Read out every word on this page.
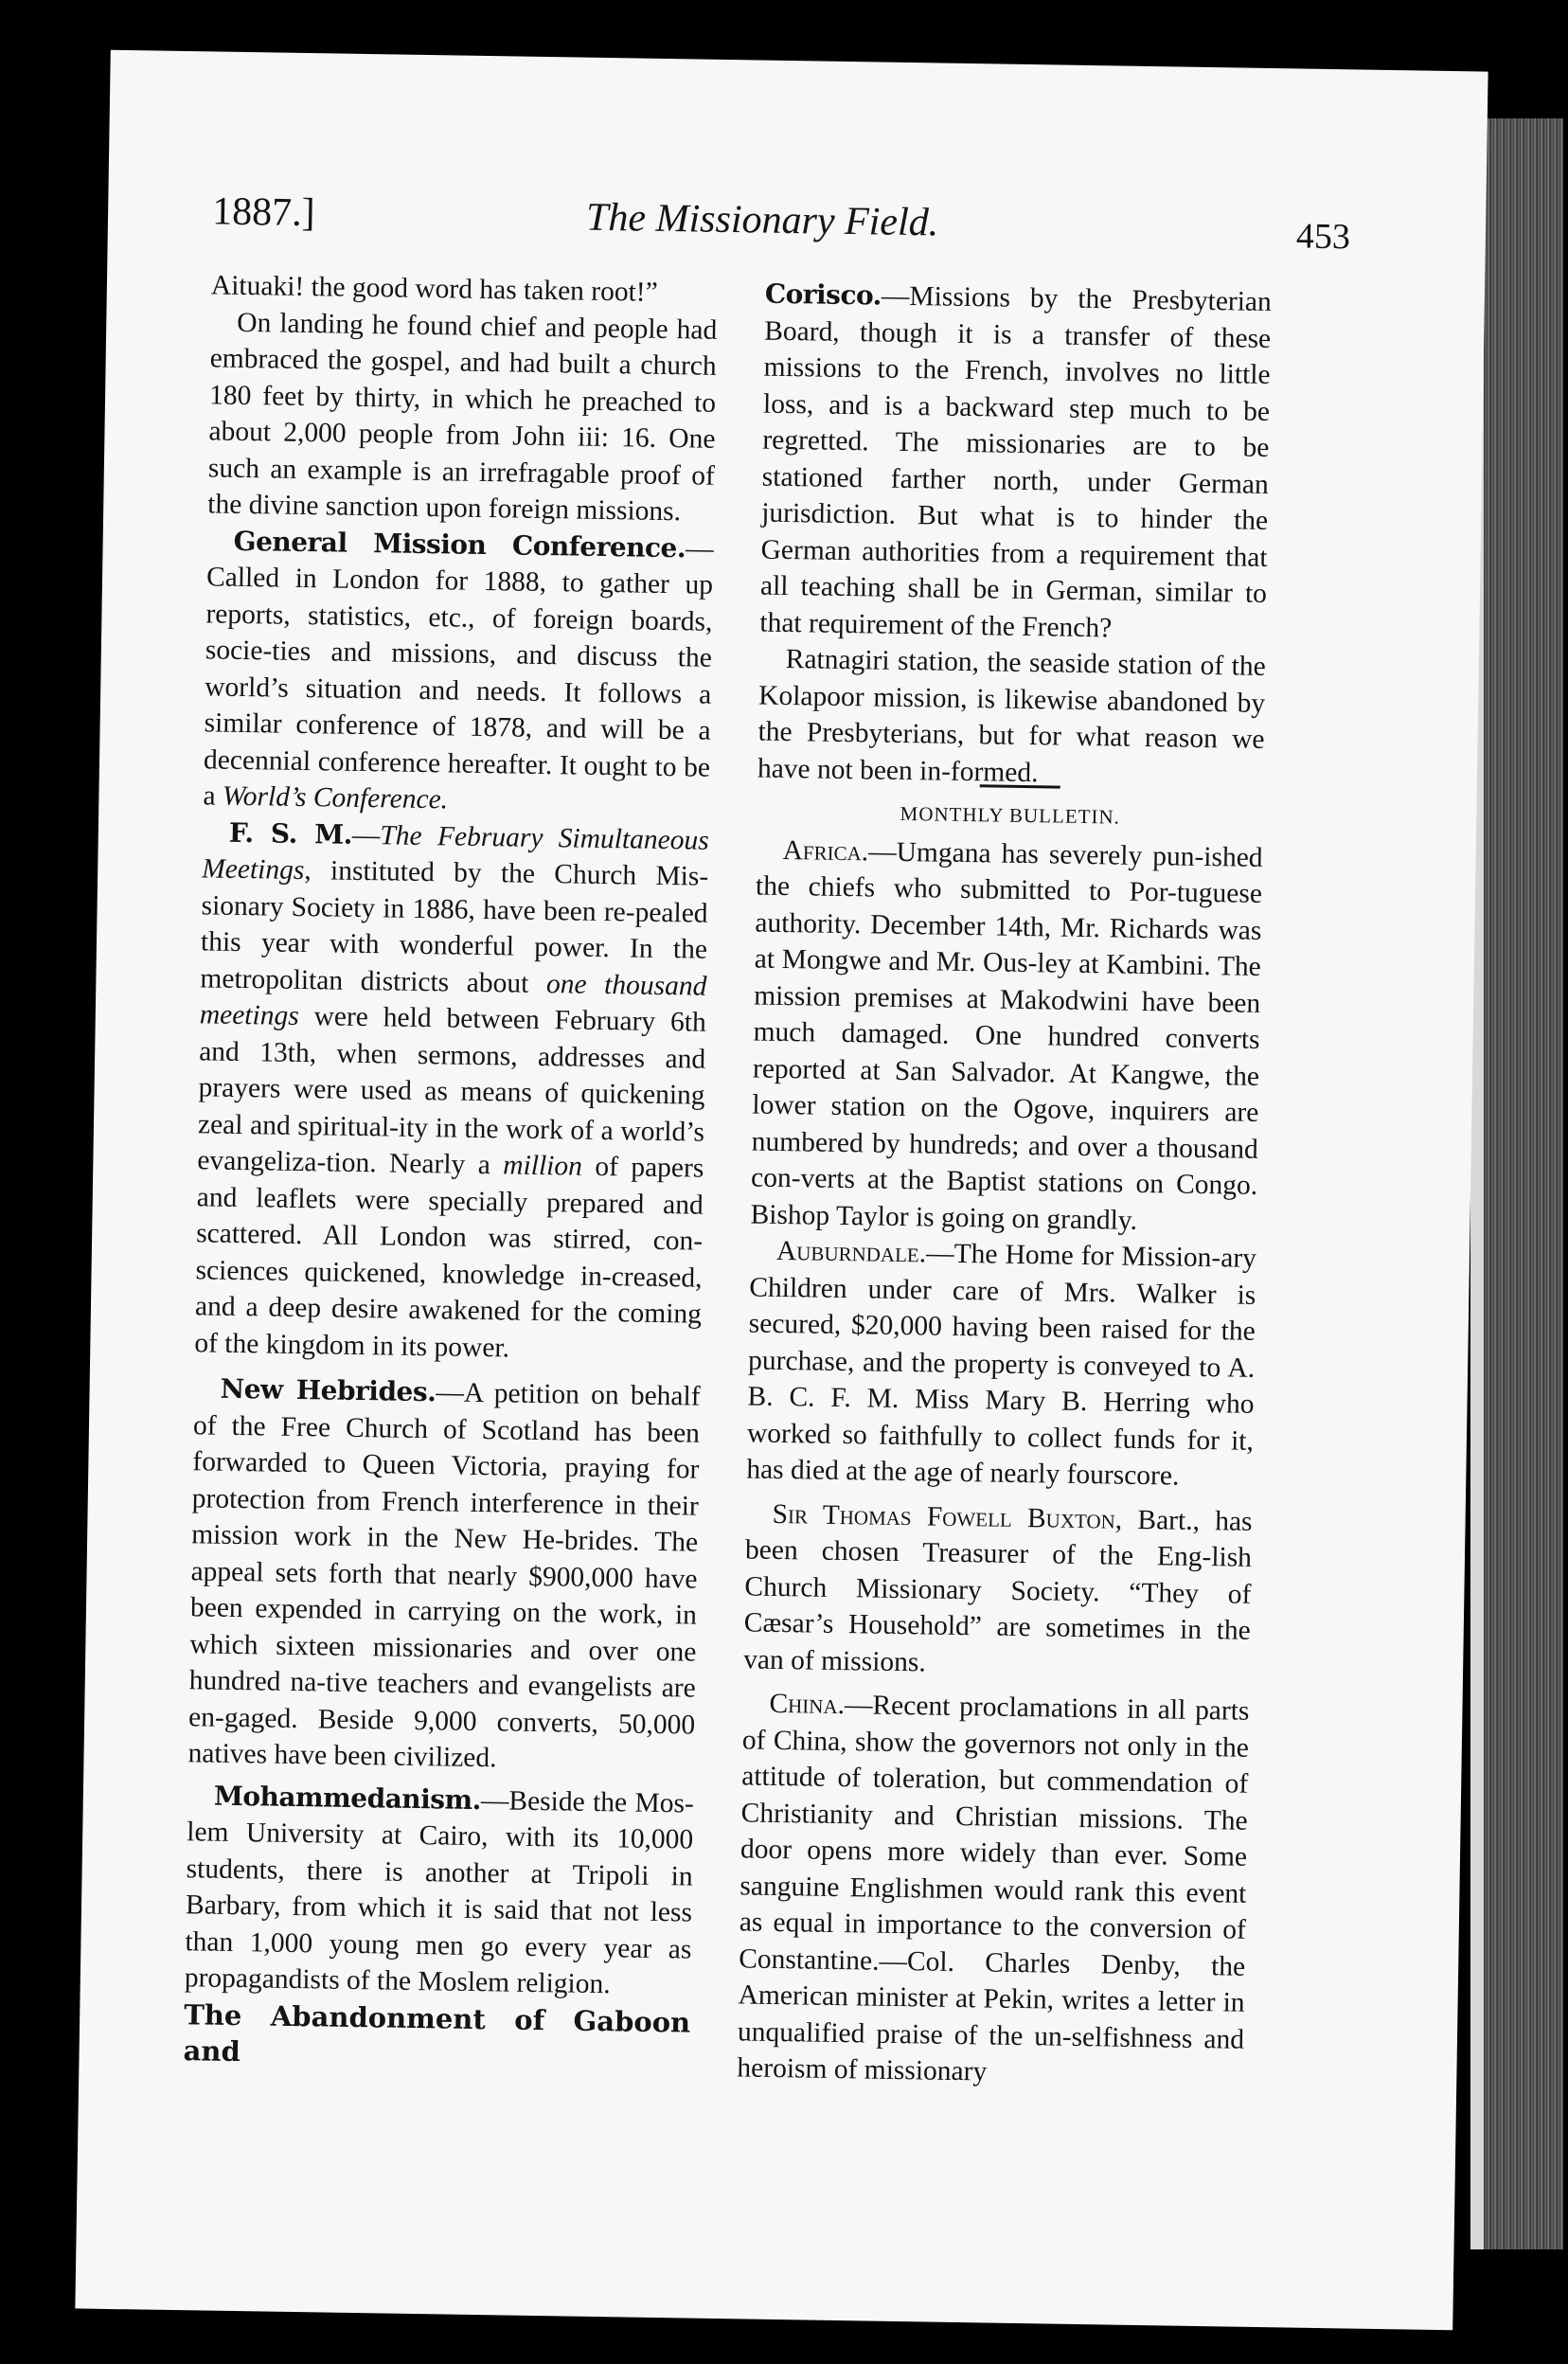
1887.]	The Missionary Field.	453

Aituaki! the good word has taken root!”

On landing he found chief and people had embraced the gospel, and had built a church 180 feet by thirty, in which he preached to about 2,000 people from John iii: 16. One such an example is an irrefragable proof of the divine sanction upon foreign missions.

General Mission Conference.—Called in London for 1888, to gather up reports, statistics, etc., of foreign boards, socie-ties and missions, and discuss the world’s situation and needs. It follows a similar conference of 1878, and will be a decennial conference hereafter. It ought to be a World’s Conference.

F. S. M.—The February Simultaneous Meetings, instituted by the Church Mis-sionary Society in 1886, have been re-pealed this year with wonderful power. In the metropolitan districts about one thousand meetings were held between February 6th and 13th, when sermons, addresses and prayers were used as means of quickening zeal and spiritual-ity in the work of a world’s evangeliza-tion. Nearly a million of papers and leaflets were specially prepared and scattered. All London was stirred, con-sciences quickened, knowledge in-creased, and a deep desire awakened for the coming of the kingdom in its power.

New Hebrides.—A petition on behalf of the Free Church of Scotland has been forwarded to Queen Victoria, praying for protection from French interference in their mission work in the New He-brides. The appeal sets forth that nearly $900,000 have been expended in carrying on the work, in which sixteen missionaries and over one hundred na-tive teachers and evangelists are en-gaged. Beside 9,000 converts, 50,000 natives have been civilized.

Mohammedanism.—Beside the Mos-lem University at Cairo, with its 10,000 students, there is another at Tripoli in Barbary, from which it is said that not less than 1,000 young men go every year as propagandists of the Moslem religion.

The Abandonment of Gaboon and

Corisco.—Missions by the Presbyterian Board, though it is a transfer of these missions to the French, involves no little loss, and is a backward step much to be regretted. The missionaries are to be stationed farther north, under German jurisdiction. But what is to hinder the German authorities from a requirement that all teaching shall be in German, similar to that requirement of the French?

Ratnagiri station, the seaside station of the Kolapoor mission, is likewise abandoned by the Presbyterians, but for what reason we have not been in-formed.

MONTHLY BULLETIN.

Africa.—Umgana has severely pun-ished the chiefs who submitted to Por-tuguese authority. December 14th, Mr. Richards was at Mongwe and Mr. Ous-ley at Kambini. The mission premises at Makodwini have been much damaged. One hundred converts reported at San Salvador. At Kangwe, the lower station on the Ogove, inquirers are numbered by hundreds; and over a thousand con-verts at the Baptist stations on Congo. Bishop Taylor is going on grandly.

Auburndale.—The Home for Mission-ary Children under care of Mrs. Walker is secured, $20,000 having been raised for the purchase, and the property is conveyed to A. B. C. F. M. Miss Mary B. Herring who worked so faithfully to collect funds for it, has died at the age of nearly fourscore.

Sir Thomas Fowell Buxton, Bart., has been chosen Treasurer of the Eng-lish Church Missionary Society. “They of Cæsar’s Household” are sometimes in the van of missions.

China.—Recent proclamations in all parts of China, show the governors not only in the attitude of toleration, but commendation of Christianity and Christian missions. The door opens more widely than ever. Some sanguine Englishmen would rank this event as equal in importance to the conversion of Constantine.—Col. Charles Denby, the American minister at Pekin, writes a letter in unqualified praise of the un-selfishness and heroism of missionary
